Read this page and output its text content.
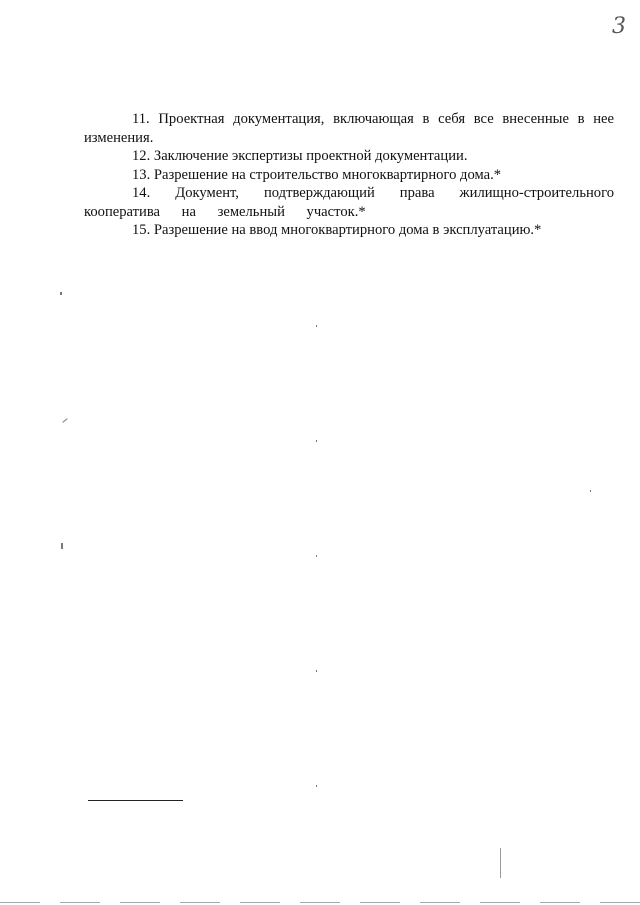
3

11. Проектная документация, включающая в себя все внесенные в нее изменения.

12. Заключение экспертизы проектной документации.

13. Разрешение на строительство многоквартирного дома.*

14. Документ, подтверждающий права жилищно-строительного кооператива на земельный участок.*

15. Разрешение на ввод многоквартирного дома в эксплуатацию.*
